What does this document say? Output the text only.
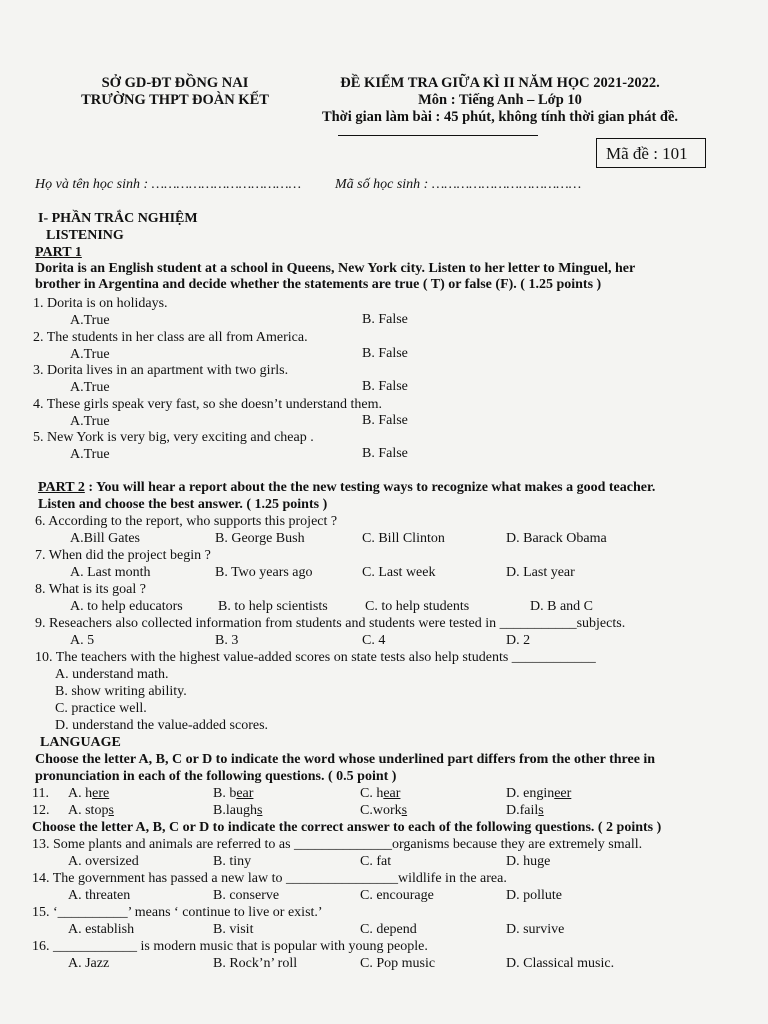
SỞ GD-ĐT ĐỒNG NAI
TRƯỜNG THPT ĐOÀN KẾT
ĐỀ KIỂM TRA GIỮA KÌ II NĂM HỌC 2021-2022.
Môn : Tiếng Anh – Lớp 10
Thời gian làm bài : 45 phút, không tính thời gian phát đề.
Mã đề : 101
Họ và tên học sinh : ……………………………… Mã số học sinh : ………………………………
I- PHẦN TRẮC NGHIỆM
LISTENING
PART 1
Dorita is an English student at a school in Queens, New York city. Listen to her letter to Minguel, her
brother in Argentina and decide whether the statements are true ( T) or false (F). ( 1.25 points )
1. Dorita is on holidays.
A.True	B. False
2. The students in her class are all from America.
A.True	B. False
3. Dorita lives in an apartment with two girls.
A.True	B. False
4. These girls speak very fast, so she doesn’t understand them.
A.True	B. False
5. New York is very big, very exciting and cheap .
A.True	B. False
PART 2 : You will hear a report about the the new testing ways to recognize what makes a good teacher.
Listen and choose the best answer. ( 1.25 points )
6. According to the report, who supports this project ?
A.Bill Gates	B. George Bush	C. Bill Clinton	D. Barack Obama
7. When did the project begin ?
A. Last month	B. Two years ago	C. Last week	D. Last year
8. What is its goal ?
A. to help educators	B. to help scientists	C. to help students	D. B and C
9. Reseachers also collected information from students and students were tested in ___________subjects.
A. 5	B. 3	C. 4	D. 2
10. The teachers with the highest value-added scores on state tests also help students ____________
A. understand math.
B. show writing ability.
C. practice well.
D. understand the value-added scores.
LANGUAGE
Choose the letter A, B, C or D to indicate the word whose underlined part differs from the other three in
pronunciation in each of the following questions. ( 0.5 point )
11. A. here	B. bear	C. hear	D. engineer
12. A. stops	B.laughs	C.works	D.fails
Choose the letter A, B, C or D to indicate the correct answer to each of the following questions. ( 2 points )
13. Some plants and animals are referred to as ______________organisms because they are extremely small.
A. oversized	B. tiny	C. fat	D. huge
14. The government has passed a new law to ________________wildlife in the area.
A. threaten	B. conserve	C. encourage	D. pollute
15. ‘__________’ means ‘ continue to live or exist.’
A. establish	B. visit	C. depend	D. survive
16. ____________ is modern music that is popular with young people.
A. Jazz	B. Rock’n’ roll	C. Pop music	D. Classical music.
